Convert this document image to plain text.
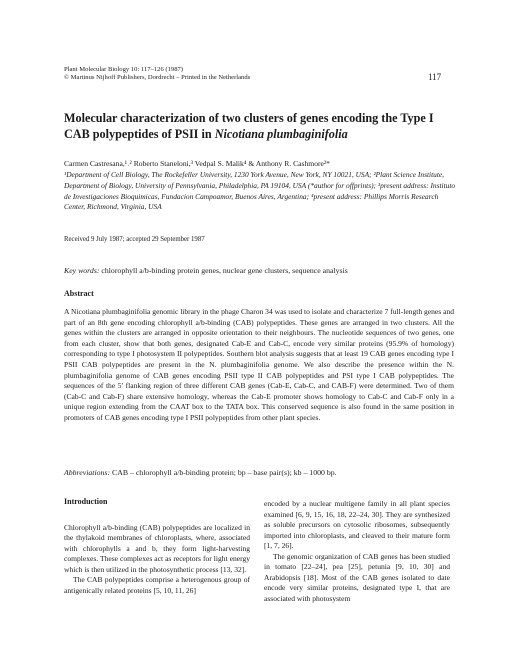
Plant Molecular Biology 10: 117–126 (1987)
© Martinus Nijhoff Publishers, Dordrecht – Printed in the Netherlands	117
Molecular characterization of two clusters of genes encoding the Type I CAB polypeptides of PSII in Nicotiana plumbaginifolia
Carmen Castresana,¹˒² Roberto Staneloni,³ Vedpal S. Malik⁴ & Anthony R. Cashmore²*
¹Department of Cell Biology, The Rockefeller University, 1230 York Avenue, New York, NY 10021, USA; ²Plant Science Institute, Department of Biology, University of Pennsylvania, Philadelphia, PA 19104, USA (*author for offprints); ³present address: Instituto de Investigaciones Bioquimicas, Fundacion Campoamor, Buenos Aires, Argentina; ⁴present address: Phillips Morris Research Center, Richmond, Virginia, USA
Received 9 July 1987; accepted 29 September 1987
Key words: chlorophyll a/b-binding protein genes, nuclear gene clusters, sequence analysis
Abstract
A Nicotiana plumbaginifolia genomic library in the phage Charon 34 was used to isolate and characterize 7 full-length genes and part of an 8th gene encoding chlorophyll a/b-binding (CAB) polypeptides. These genes are arranged in two clusters. All the genes within the clusters are arranged in opposite orientation to their neighbours. The nucleotide sequences of two genes, one from each cluster, show that both genes, designated Cab-E and Cab-C, encode very similar proteins (95.9% of homology) corresponding to type I photosystem II polypeptides. Southern blot analysis suggests that at least 19 CAB genes encoding type I PSII CAB polypeptides are present in the N. plumbaginifolia genome. We also describe the presence within the N. plumbaginifolia genome of CAB genes encoding PSII type II CAB polypeptides and PSI type I CAB polypeptides. The sequences of the 5′ flanking region of three different CAB genes (Cab-E, Cab-C, and CAB-F) were determined. Two of them (Cab-C and Cab-F) share extensive homology, whereas the Cab-E promoter shows homology to Cab-C and Cab-F only in a unique region extending from the CAAT box to the TATA box. This conserved sequence is also found in the same position in promoters of CAB genes encoding type I PSII polypeptides from other plant species.
Abbreviations: CAB – chlorophyll a/b-binding protein; bp – base pair(s); kb – 1000 bp.
Introduction

Chlorophyll a/b-binding (CAB) polypeptides are localized in the thylakoid membranes of chloroplasts, where, associated with chlorophylls a and b, they form light-harvesting complexes. These complexes act as receptors for light energy which is then utilized in the photosynthetic process [13, 32].

The CAB polypeptides comprise a heterogenous group of antigenically related proteins [5, 10, 11, 26]

encoded by a nuclear multigene family in all plant species examined [6, 9, 15, 16, 18, 22–24, 30]. They are synthesized as soluble precursors on cytosolic ribosomes, subsequently imported into chloroplasts, and cleaved to their mature form [1, 7, 26].

The genomic organization of CAB genes has been studied in tomato [22–24], pea [25], petunia [9, 10, 30] and Arabidopsis [18]. Most of the CAB genes isolated to date encode very similar proteins, designated type I, that are associated with photosystem
